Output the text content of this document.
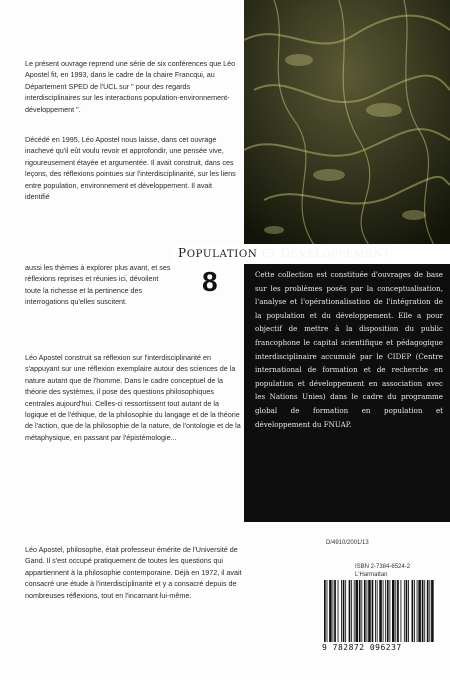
POPULATION ET DÉVELOPPEMENT
8	Cette collection est constituée d'ouvrages de base sur les problèmes posés par la conceptualisation, l'analyse et l'opérationalisation de l'intégration de la population et du développement. Elle a pour objectif de mettre à la disposition du public francophone le capital scientifique et pédagogique interdisciplinaire accumulé par le CIDEP (Centre international de formation et de recherche en population et développement en association avec les Nations Unies) dans le cadre du programme global de formation en population et développement du FNUAP.
Le présent ouvrage reprend une série de six conférences que Léo Apostel fit, en 1993, dans le cadre de la chaire Francqui, au Département SPED de l'UCL sur " pour des regards interdisciplinaires sur les interactions population-environnement-développement ".
Décédé en 1995, Léo Apostel nous laisse, dans cet ouvrage inachevé qu'il eût voulu revoir et approfondir, une pensée vive, rigoureusement étayée et argumentée. Il avait construit, dans ces leçons, des réflexions pointues sur l'interdisciplinarité, sur les liens entre population, environnement et développement. Il avait identifié
aussi les thèmes à explorer plus avant, et ses réflexions reprises et réunies ici, dévoilent toute la richesse et la pertinence des interrogations qu'elles suscitent.
Léo Apostel construit sa réflexion sur l'interdisciplinarité en s'appuyant sur une réflexion exemplaire autour des sciences de la nature autant que de l'homme. Dans le cadre conceptuel de la théorie des systèmes, il pose des questions philosophiques centrales aujourd'hui. Celles-ci ressortissent tout autant de la logique et de l'éthique, de la philosophie du langage et de la théorie de l'action, que de la philosophie de la nature, de l'ontologie et de la métaphysique, en passant par l'épistémologie...
Léo Apostel, philosophe, était professeur émérite de l'Université de Gand. Il s'est occupé pratiquement de toutes les questions qui appartiennent à la philosophie contemporaine. Déjà en 1972, il avait consacré une étude à l'interdisciplinarité et y a consacré depuis de nombreuses réflexions, tout en l'incarnant lui-même.
D/4910/2001/13
ISBN 2-7384-6524-2
L'Harmattan
9 782872 096237
